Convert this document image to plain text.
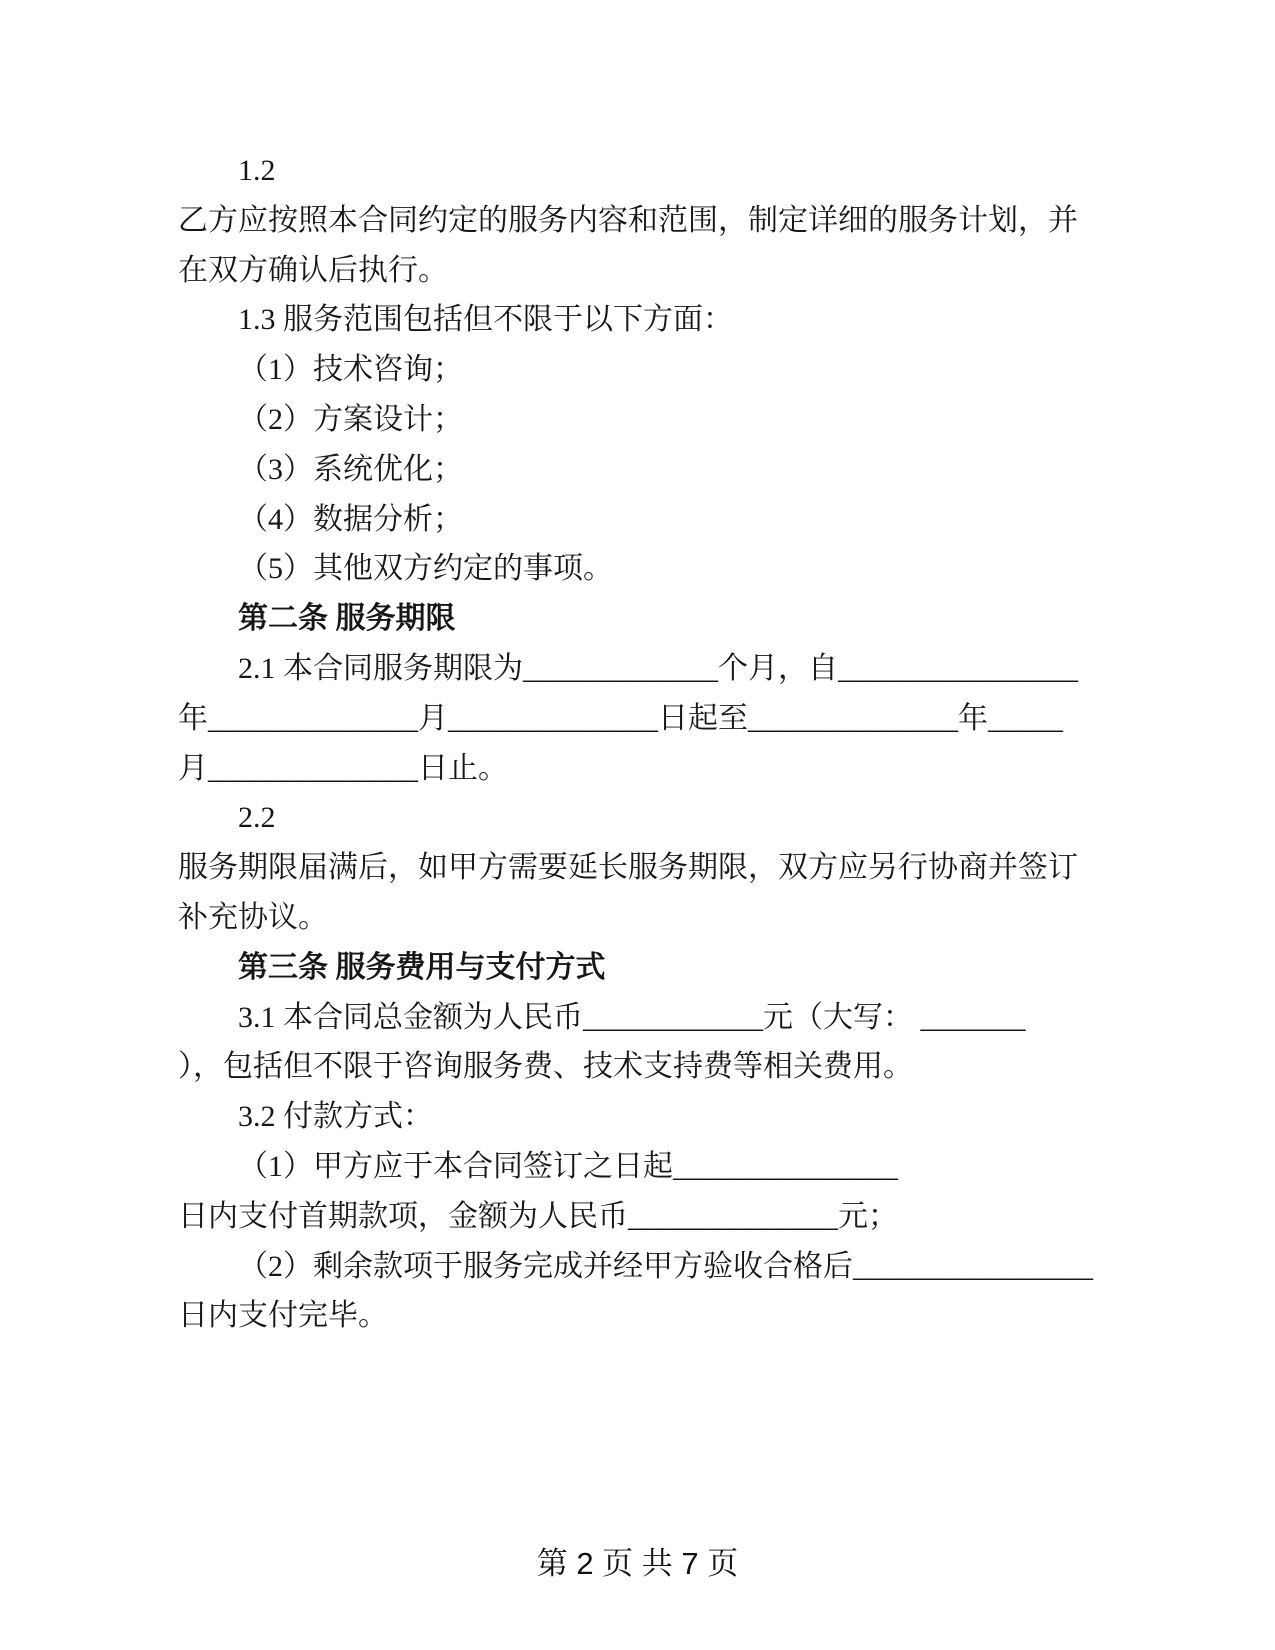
1.2
乙方应按照本合同约定的服务内容和范围，制定详细的服务计划，并
在双方确认后执行。
1.3 服务范围包括但不限于以下方面：
（1）技术咨询；
（2）方案设计；
（3）系统优化；
（4）数据分析；
（5）其他双方约定的事项。
第二条 服务期限
2.1 本合同服务期限为_____________个月，自________________
年______________月______________日起至______________年_____
月______________日止。
2.2
服务期限届满后，如甲方需要延长服务期限，双方应另行协商并签订
补充协议。
第三条 服务费用与支付方式
3.1 本合同总金额为人民币____________元（大写： _______
），包括但不限于咨询服务费、技术支持费等相关费用。
3.2 付款方式：
（1）甲方应于本合同签订之日起_______________
日内支付首期款项，金额为人民币______________元；
（2）剩余款项于服务完成并经甲方验收合格后________________
日内支付完毕。
第 2 页 共 7 页
